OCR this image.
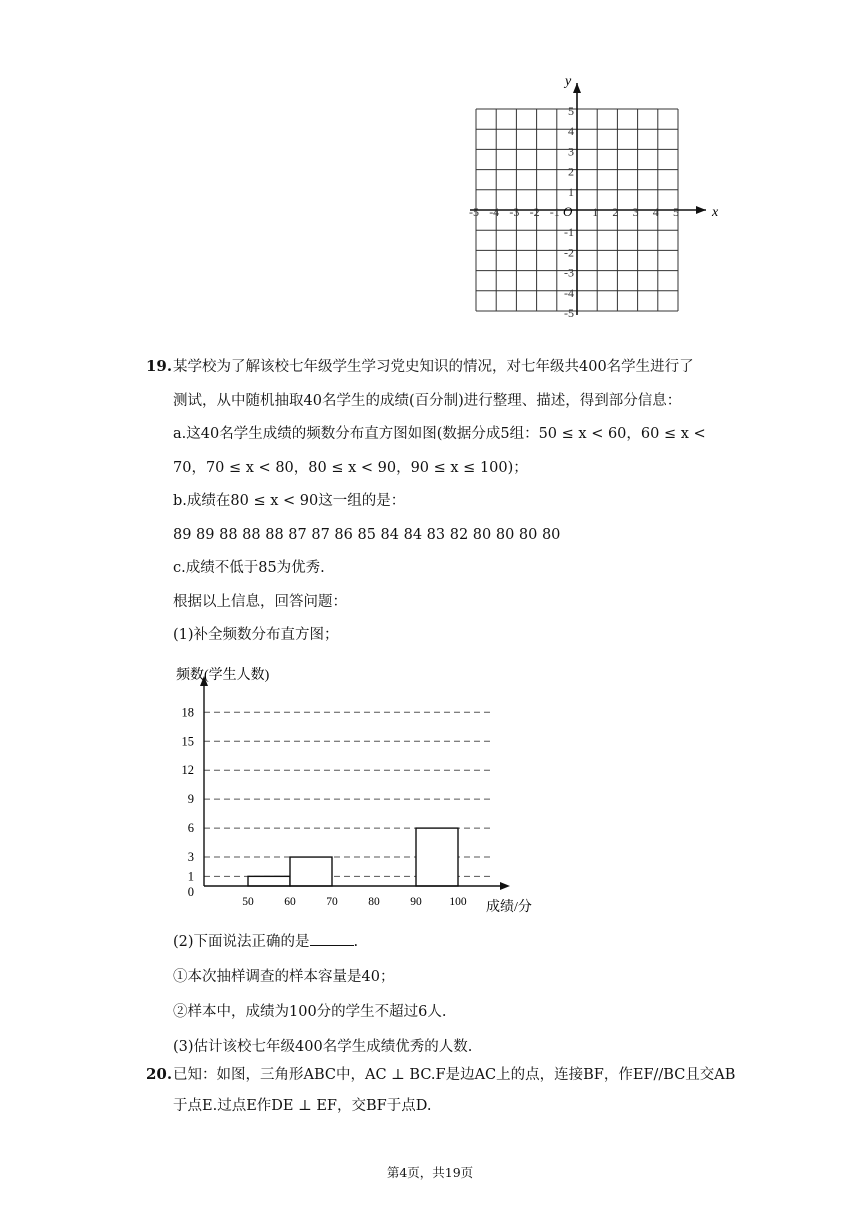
-5 -4 -3 -2 -1	1 2 3 4 5
5
4
3
2
1
-1
-2
-3
-4
-5
x
y
O
19. 某学校为了解该校七年级学生学习党史知识的情况，对七年级共400名学生进行了
测试，从中随机抽取40名学生的成绩(百分制)进行整理、描述，得到部分信息：
a.这40名学生成绩的频数分布直方图如图(数据分成5组：50 ≤ x < 60，60 ≤ x <
70，70 ≤ x < 80，80 ≤ x < 90，90 ≤ x ≤ 100)；
b.成绩在80 ≤ x < 90这一组的是：
89 89 88 88 88 87 87 86 85 84 84 83 82 80 80 80 80
c.成绩不低于85为优秀.
根据以上信息，回答问题：
(1)补全频数分布直方图；
0
1
3
6
9
12
15
18
50	60	70	80	90 100
频数(学生人数)
成绩/分
(2)下面说法正确的是	.
①本次抽样调查的样本容量是40；
②样本中，成绩为100分的学生不超过6人.
(3)估计该校七年级400名学生成绩优秀的人数.
20. 已知：如图，三角形ABC中，AC ⊥ BC.F是边AC上的点，连接BF，作EF//BC且交AB
于点E.过点E作DE ⊥ EF，交BF于点D.
第4页，共19页
